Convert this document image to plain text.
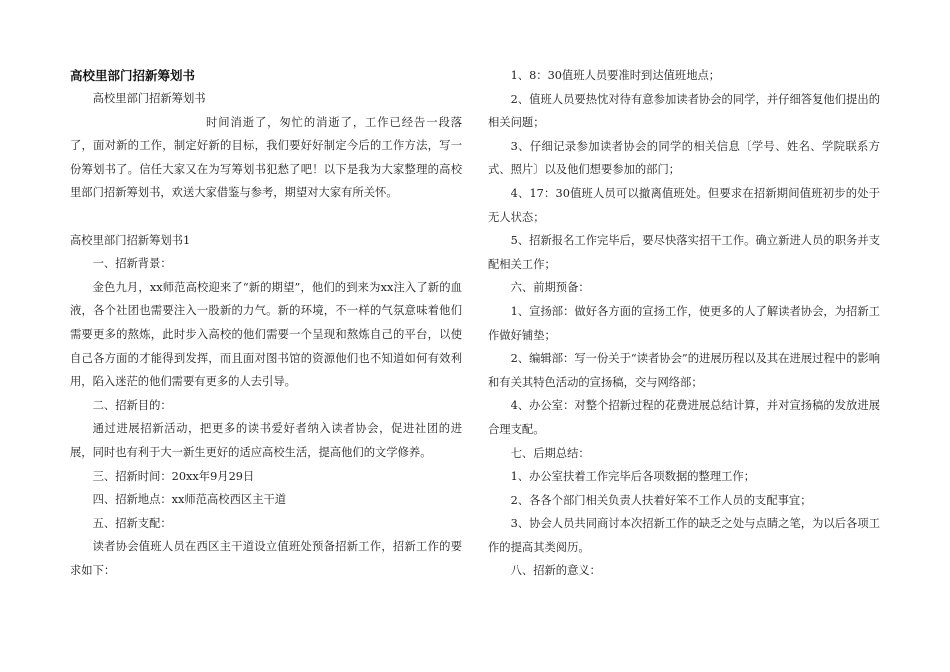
高校里部门招新筹划书

高校里部门招新筹划书

时间消逝了，匆忙的消逝了，工作已经告一段落了，面对新的工作，制定好新的目标，我们要好好制定今后的工作方法，写一份筹划书了。信任大家又在为写筹划书犯愁了吧！以下是我为大家整理的高校里部门招新筹划书，欢送大家借鉴与参考，期望对大家有所关怀。

高校里部门招新筹划书1

一、招新背景：

金色九月，xx师范高校迎来了“新的期望”，他们的到来为xx注入了新的血液，各个社团也需要注入一股新的力气。新的环境，不一样的气氛意味着他们需要更多的熬炼，此时步入高校的他们需要一个呈现和熬炼自己的平台，以使自己各方面的才能得到发挥，而且面对图书馆的资源他们也不知道如何有效利用，陷入迷茫的他们需要有更多的人去引导。

二、招新目的：

通过进展招新活动，把更多的读书爱好者纳入读者协会，促进社团的进展，同时也有利于大一新生更好的适应高校生活，提高他们的文学修养。

三、招新时间：20xx年9月29日

四、招新地点：xx师范高校西区主干道

五、招新支配：

读者协会值班人员在西区主干道设立值班处预备招新工作，招新工作的要求如下：

1、8：30值班人员要准时到达值班地点；

2、值班人员要热忱对待有意参加读者协会的同学，并仔细答复他们提出的相关问题；

3、仔细记录参加读者协会的同学的相关信息〔学号、姓名、学院联系方式、照片〕以及他们想要参加的部门；

4、17：30值班人员可以撤离值班处。但要求在招新期间值班初步的处于无人状态；

5、招新报名工作完毕后，要尽快落实招干工作。确立新进人员的职务并支配相关工作；

六、前期预备：

1、宣扬部：做好各方面的宣扬工作，使更多的人了解读者协会，为招新工作做好铺垫；

2、编辑部：写一份关于“读者协会”的进展历程以及其在进展过程中的影响和有关其特色活动的宣扬稿，交与网络部；

4、办公室：对整个招新过程的花费进展总结计算，并对宣扬稿的发放进展合理支配。

七、后期总结：

1、办公室扶着工作完毕后各项数据的整理工作；

2、各各个部门相关负责人扶着好笨不工作人员的支配事宜；

3、协会人员共同商讨本次招新工作的缺乏之处与点睛之笔，为以后各项工作的提高其类阅历。

八、招新的意义：
